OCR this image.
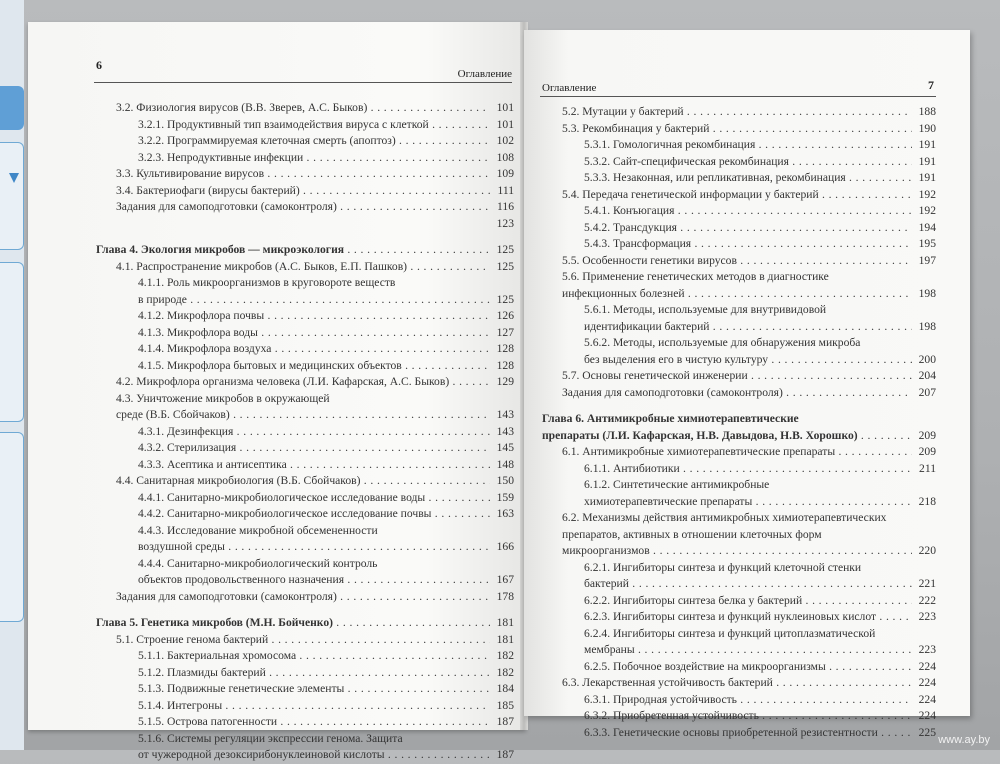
6
Оглавление
3.2. Физиология вирусов (В.В. Зверев, А.С. Быков) . . .	101
3.2.1. Продуктивный тип взаимодействия вируса с клеткой . . .	101
3.2.2. Программируемая клеточная смерть (апоптоз) . . .	102
3.2.3. Непродуктивные инфекции . . .	108
3.3. Культивирование вирусов . . .	109
3.4. Бактериофаги (вирусы бактерий) . . .	111
Задания для самоподготовки (самоконтроля) . . .	116
123
Глава 4. Экология микробов — микроэкология . . .	125
4.1. Распространение микробов (А.С. Быков, Е.П. Пашков) . . .	125
4.1.1. Роль микроорганизмов в круговороте веществ
в природе . . .	125
4.1.2. Микрофлора почвы . . .	126
4.1.3. Микрофлора воды . . .	127
4.1.4. Микрофлора воздуха . . .	128
4.1.5. Микрофлора бытовых и медицинских объектов . . .	128
4.2. Микрофлора организма человека (Л.И. Кафарская, А.С. Быков) . . .	129
4.3. Уничтожение микробов в окружающей
среде (В.Б. Сбойчаков) . . .	143
4.3.1. Дезинфекция . . .	143
4.3.2. Стерилизация . . .	145
4.3.3. Асептика и антисептика . . .	148
4.4. Санитарная микробиология (В.Б. Сбойчаков) . . .	150
4.4.1. Санитарно-микробиологическое исследование воды . . .	159
4.4.2. Санитарно-микробиологическое исследование почвы . . .	163
4.4.3. Исследование микробной обсемененности
воздушной среды . . .	166
4.4.4. Санитарно-микробиологический контроль
объектов продовольственного назначения . . .	167
Задания для самоподготовки (самоконтроля) . . .	178
Глава 5. Генетика микробов (М.Н. Бойченко) . . .	181
5.1. Строение генома бактерий . . .	181
5.1.1. Бактериальная хромосома . . .	182
5.1.2. Плазмиды бактерий . . .	182
5.1.3. Подвижные генетические элементы . . .	184
5.1.4. Интегроны . . .	185
5.1.5. Острова патогенности . . .	187
5.1.6. Системы регуляции экспрессии генома. Защита
от чужеродной дезоксирибонуклеиновой кислоты . . .	187
Оглавление	7
5.2. Мутации у бактерий . . .	188
5.3. Рекомбинация у бактерий . . .	190
5.3.1. Гомологичная рекомбинация . . .	191
5.3.2. Сайт-специфическая рекомбинация . . .	191
5.3.3. Незаконная, или репликативная, рекомбинация . . .	191
5.4. Передача генетической информации у бактерий . . .	192
5.4.1. Конъюгация . . .	192
5.4.2. Трансдукция . . .	194
5.4.3. Трансформация . . .	195
5.5. Особенности генетики вирусов . . .	197
5.6. Применение генетических методов в диагностике
инфекционных болезней . . .	198
5.6.1. Методы, используемые для внутривидовой
идентификации бактерий . . .	198
5.6.2. Методы, используемые для обнаружения микроба
без выделения его в чистую культуру . . .	200
5.7. Основы генетической инженерии . . .	204
Задания для самоподготовки (самоконтроля) . . .	207
Глава 6. Антимикробные химиотерапевтические
препараты (Л.И. Кафарская, Н.В. Давыдова, Н.В. Хорошко) . . .	209
6.1. Антимикробные химиотерапевтические препараты . . .	209
6.1.1. Антибиотики . . .	211
6.1.2. Синтетические антимикробные
химиотерапевтические препараты . . .	218
6.2. Механизмы действия антимикробных химиотерапевтических
препаратов, активных в отношении клеточных форм
микроорганизмов . . .	220
6.2.1. Ингибиторы синтеза и функций клеточной стенки
бактерий . . .	221
6.2.2. Ингибиторы синтеза белка у бактерий . . .	222
6.2.3. Ингибиторы синтеза и функций нуклеиновых кислот . . .	223
6.2.4. Ингибиторы синтеза и функций цитоплазматической
мембраны . . .	223
6.2.5. Побочное воздействие на микроорганизмы . . .	224
6.3. Лекарственная устойчивость бактерий . . .	224
6.3.1. Природная устойчивость . . .	224
6.3.2. Приобретенная устойчивость . . .	224
6.3.3. Генетические основы приобретенной резистентности . . .	225
www.ay.by
